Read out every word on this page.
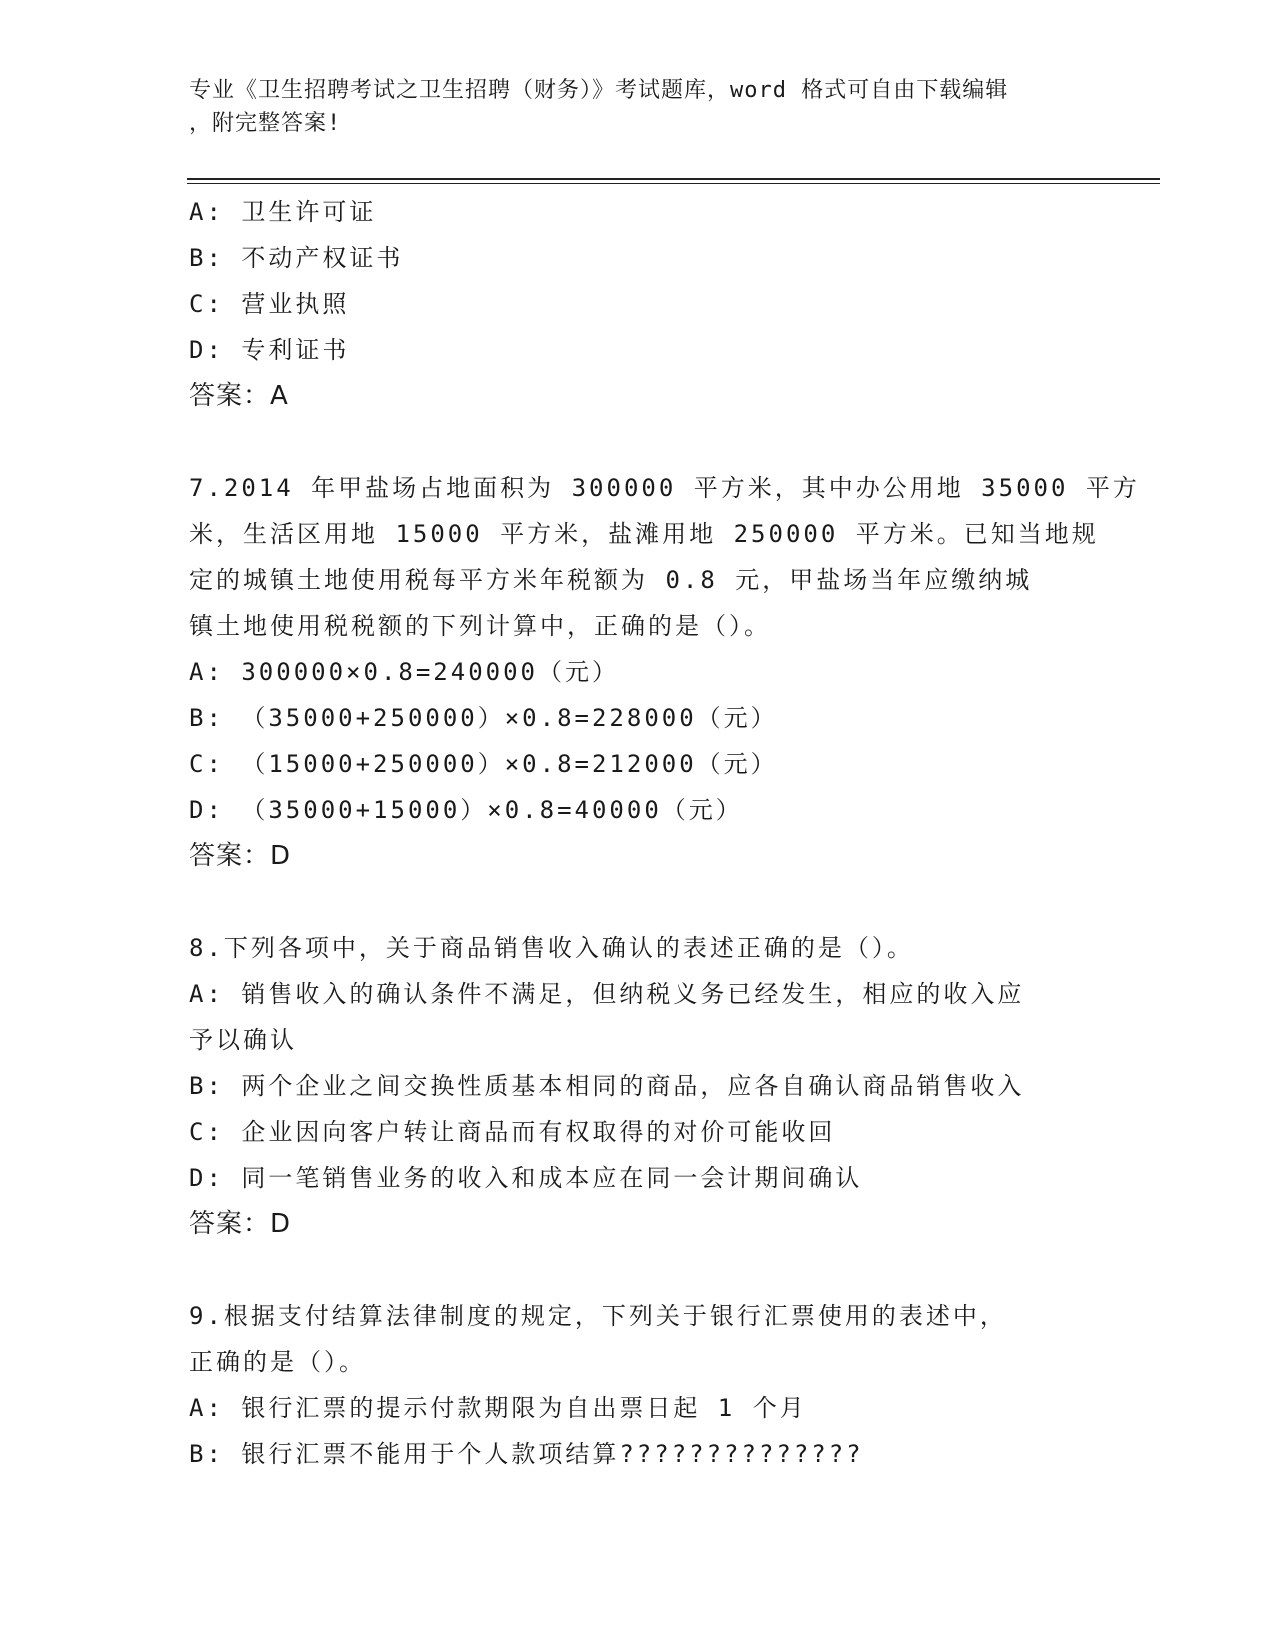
专业《卫生招聘考试之卫生招聘（财务）》考试题库，word 格式可自由下载编辑
，附完整答案!
A: 卫生许可证
B: 不动产权证书
C: 营业执照
D: 专利证书
答案：A
7.2014 年甲盐场占地面积为 300000 平方米，其中办公用地 35000 平方
米，生活区用地 15000 平方米，盐滩用地 250000 平方米。已知当地规
定的城镇土地使用税每平方米年税额为 0.8 元，甲盐场当年应缴纳城
镇土地使用税税额的下列计算中，正确的是（）。
A: 300000×0.8=240000（元）
B: （35000+250000）×0.8=228000（元）
C: （15000+250000）×0.8=212000（元）
D: （35000+15000）×0.8=40000（元）
答案：D
8.下列各项中，关于商品销售收入确认的表述正确的是（）。
A: 销售收入的确认条件不满足，但纳税义务已经发生，相应的收入应
予以确认
B: 两个企业之间交换性质基本相同的商品，应各自确认商品销售收入
C: 企业因向客户转让商品而有权取得的对价可能收回
D: 同一笔销售业务的收入和成本应在同一会计期间确认
答案：D
9.根据支付结算法律制度的规定，下列关于银行汇票使用的表述中，
正确的是（）。
A: 银行汇票的提示付款期限为自出票日起 1 个月
B: 银行汇票不能用于个人款项结算??????????????
